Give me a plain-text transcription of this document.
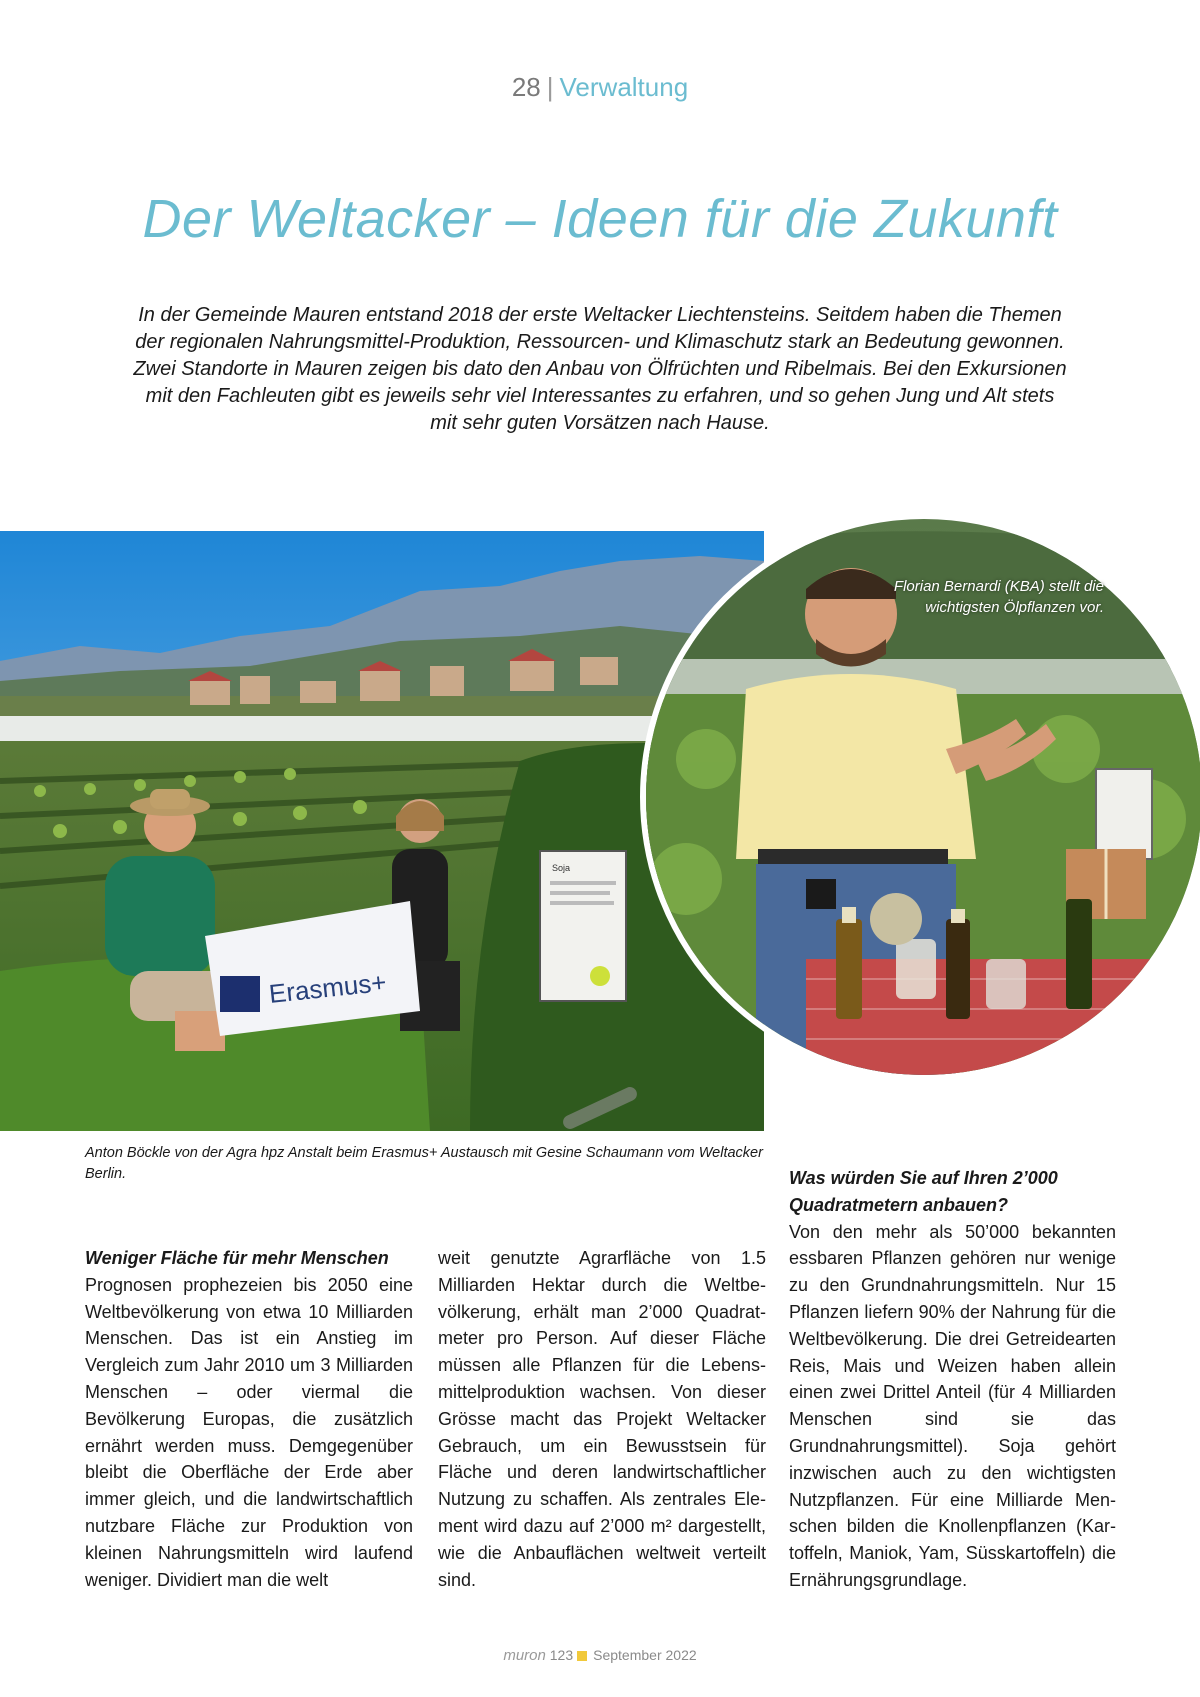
28 | Verwaltung
Der Weltacker – Ideen für die Zukunft
In der Gemeinde Mauren entstand 2018 der erste Weltacker Liechtensteins. Seitdem haben die Themen der regionalen Nahrungsmittel-Produktion, Ressourcen- und Klimaschutz stark an Bedeutung gewonnen. Zwei Standorte in Mauren zeigen bis dato den Anbau von Ölfrüchten und Ribelmais. Bei den Exkursionen mit den Fachleuten gibt es jeweils sehr viel Interessantes zu erfahren, und so gehen Jung und Alt stets mit sehr guten Vorsätzen nach Hause.
Soja
Erasmus+
Florian Bernardi (KBA) stellt die wichtigsten Ölpflanzen vor.
Anton Böckle von der Agra hpz Anstalt beim Erasmus+ Austausch mit Gesine Schaumann vom Weltacker Berlin.
Weniger Fläche für mehr Menschen
Prognosen prophezeien bis 2050 eine Weltbevölkerung von etwa 10 Milliarden Menschen. Das ist ein Anstieg im Vergleich zum Jahr 2010 um 3 Milliarden Menschen – oder viermal die Bevölkerung Europas, die zusätzlich ernährt werden muss. Demgegenüber bleibt die Oberfläche der Erde aber immer gleich, und die landwirtschaftlich nutzbare Fläche zur Produktion von kleinen Nahrungsmitteln wird laufend weniger. Dividiert man die welt
weit genutzte Agrarfläche von 1.5 Milliarden Hektar durch die Weltbevölkerung, erhält man 2’000 Quadratmeter pro Person. Auf dieser Fläche müssen alle Pflanzen für die Lebensmittelproduktion wachsen. Von dieser Grösse macht das Projekt Weltacker Gebrauch, um ein Bewusstsein für Fläche und deren landwirtschaftlicher Nutzung zu schaffen. Als zentrales Element wird dazu auf 2’000 m² dargestellt, wie die Anbauflächen weltweit verteilt sind.
Was würden Sie auf Ihren 2’000 Quadratmetern anbauen?
Von den mehr als 50’000 bekannten essbaren Pflanzen gehören nur wenige zu den Grundnahrungsmitteln. Nur 15 Pflanzen liefern 90% der Nahrung für die Weltbevölkerung. Die drei Getreidearten Reis, Mais und Weizen haben allein einen zwei Drittel Anteil (für 4 Milliarden Menschen sind sie das Grundnahrungsmittel). Soja gehört inzwischen auch zu den wichtigsten Nutzpflanzen. Für eine Milliarde Menschen bilden die Knollenpflanzen (Kartoffeln, Maniok, Yam, Süsskartoffeln) die Ernährungsgrundlage.
muron 123 September 2022
